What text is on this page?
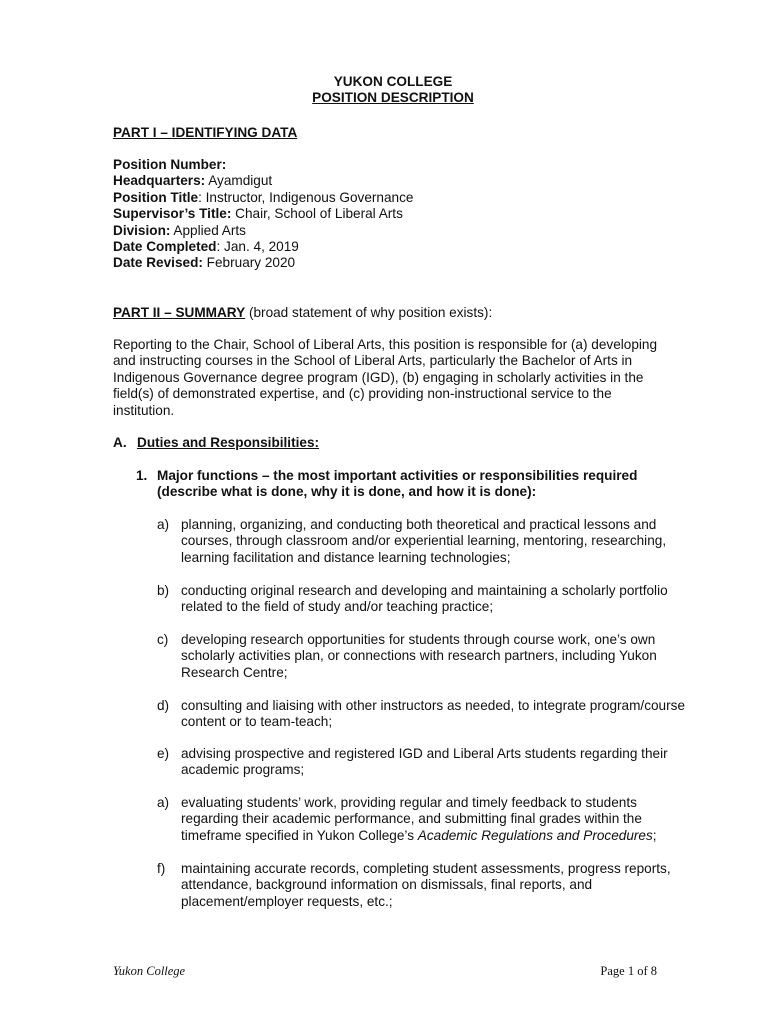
YUKON COLLEGE
POSITION DESCRIPTION
PART I – IDENTIFYING DATA
Position Number:
Headquarters: Ayamdigut
Position Title: Instructor, Indigenous Governance
Supervisor’s Title: Chair, School of Liberal Arts
Division: Applied Arts
Date Completed: Jan. 4, 2019
Date Revised: February 2020
PART II – SUMMARY (broad statement of why position exists):

Reporting to the Chair, School of Liberal Arts, this position is responsible for (a) developing and instructing courses in the School of Liberal Arts, particularly the Bachelor of Arts in Indigenous Governance degree program (IGD), (b) engaging in scholarly activities in the field(s) of demonstrated expertise, and (c) providing non-instructional service to the institution.

A. Duties and Responsibilities:
1. Major functions – the most important activities or responsibilities required (describe what is done, why it is done, and how it is done):
a) planning, organizing, and conducting both theoretical and practical lessons and courses, through classroom and/or experiential learning, mentoring, researching, learning facilitation and distance learning technologies;
b) conducting original research and developing and maintaining a scholarly portfolio related to the field of study and/or teaching practice;
c) developing research opportunities for students through course work, one’s own scholarly activities plan, or connections with research partners, including Yukon Research Centre;
d) consulting and liaising with other instructors as needed, to integrate program/course content or to team-teach;
e) advising prospective and registered IGD and Liberal Arts students regarding their academic programs;
a) evaluating students’ work, providing regular and timely feedback to students regarding their academic performance, and submitting final grades within the timeframe specified in Yukon College’s Academic Regulations and Procedures;
f)	maintaining accurate records, completing student assessments, progress reports, attendance, background information on dismissals, final reports, and placement/employer requests, etc.;
Yukon College	Page 1 of 8
